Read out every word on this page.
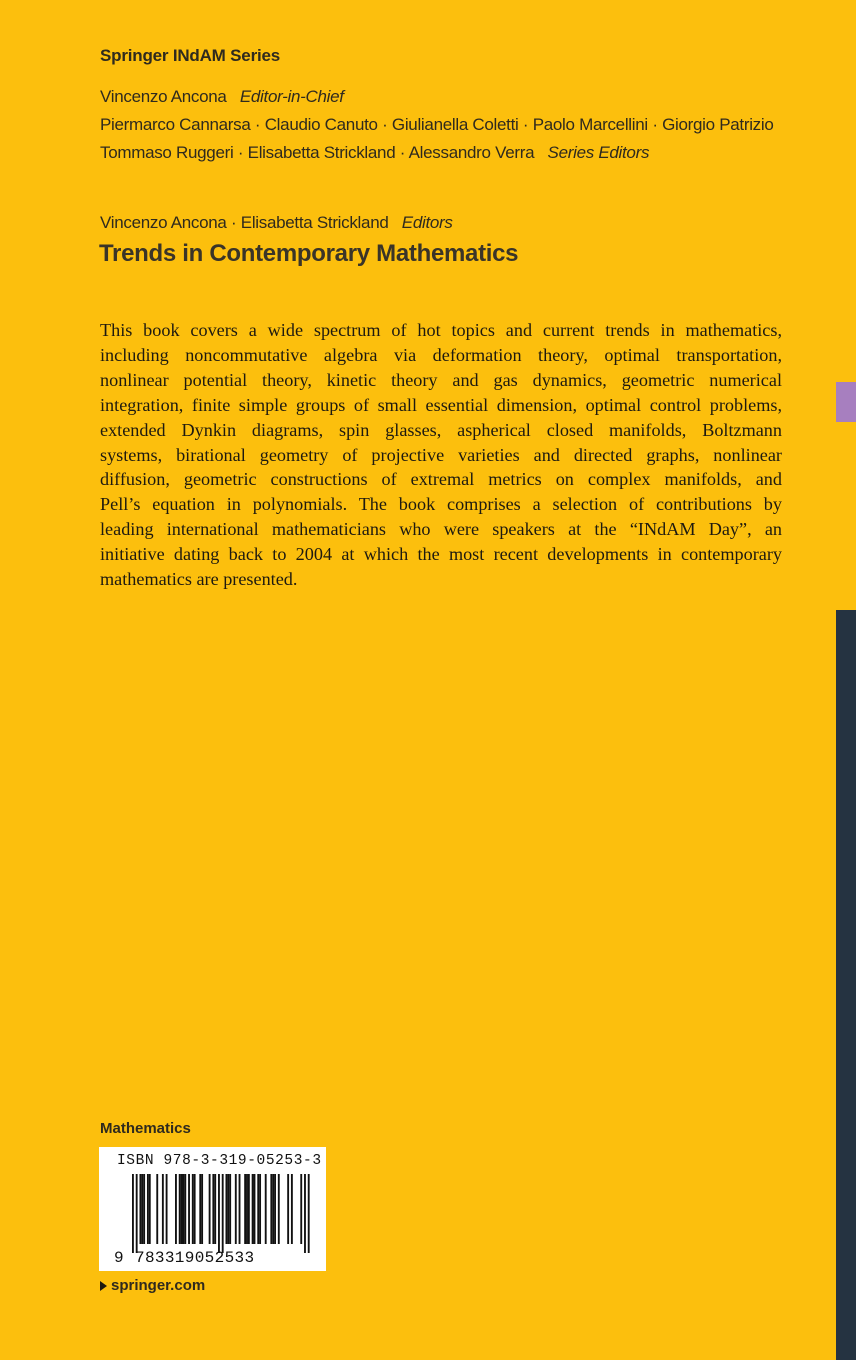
Springer INdAM Series
Vincenzo Ancona Editor-in-Chief
Piermarco Cannarsa · Claudio Canuto · Giulianella Coletti · Paolo Marcellini · Giorgio Patrizio
Tommaso Ruggeri · Elisabetta Strickland · Alessandro Verra Series Editors
Vincenzo Ancona · Elisabetta Strickland Editors
Trends in Contemporary Mathematics
This book covers a wide spectrum of hot topics and current trends in mathematics,
including noncommutative algebra via deformation theory, optimal transportation,
nonlinear potential theory, kinetic theory and gas dynamics, geometric numerical
integration, finite simple groups of small essential dimension, optimal control problems,
extended Dynkin diagrams, spin glasses, aspherical closed manifolds, Boltzmann
systems, birational geometry of projective varieties and directed graphs, nonlinear
diffusion, geometric constructions of extremal metrics on complex manifolds, and
Pell’s equation in polynomials. The book comprises a selection of contributions by
leading international mathematicians who were speakers at the “INdAM Day”, an
initiative dating back to 2004 at which the most recent developments in contemporary
mathematics are presented.
Mathematics
ISBN 978-3-319-05253-3
9 783319052533
springer.com
